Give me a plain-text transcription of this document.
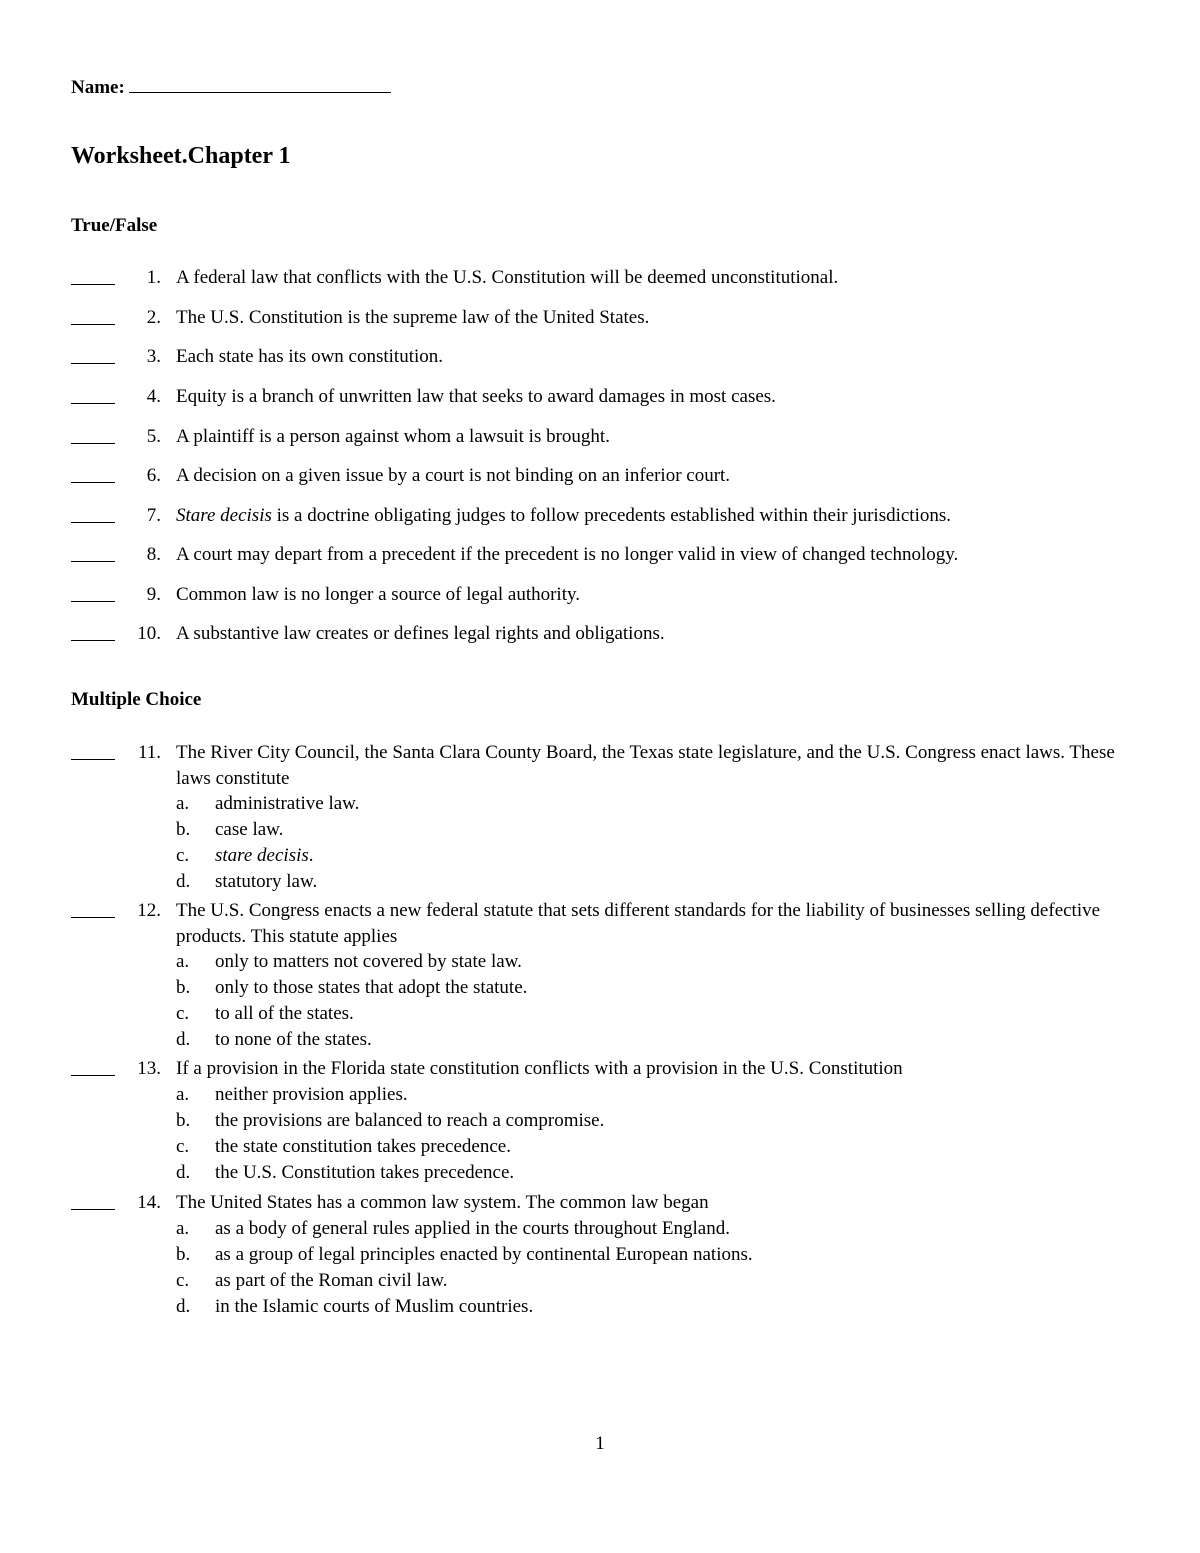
Name:
Worksheet.Chapter 1
True/False
1. A federal law that conflicts with the U.S. Constitution will be deemed unconstitutional.
2. The U.S. Constitution is the supreme law of the United States.
3. Each state has its own constitution.
4. Equity is a branch of unwritten law that seeks to award damages in most cases.
5. A plaintiff is a person against whom a lawsuit is brought.
6. A decision on a given issue by a court is not binding on an inferior court.
7. Stare decisis is a doctrine obligating judges to follow precedents established within their jurisdictions.
8. A court may depart from a precedent if the precedent is no longer valid in view of changed technology.
9. Common law is no longer a source of legal authority.
10. A substantive law creates or defines legal rights and obligations.
Multiple Choice
11. The River City Council, the Santa Clara County Board, the Texas state legislature, and the U.S. Congress enact laws. These laws constitute
a. administrative law.
b. case law.
c. stare decisis.
d. statutory law.
12. The U.S. Congress enacts a new federal statute that sets different standards for the liability of businesses selling defective products. This statute applies
a. only to matters not covered by state law.
b. only to those states that adopt the statute.
c. to all of the states.
d. to none of the states.
13. If a provision in the Florida state constitution conflicts with a provision in the U.S. Constitution
a. neither provision applies.
b. the provisions are balanced to reach a compromise.
c. the state constitution takes precedence.
d. the U.S. Constitution takes precedence.
14. The United States has a common law system. The common law began
a. as a body of general rules applied in the courts throughout England.
b. as a group of legal principles enacted by continental European nations.
c. as part of the Roman civil law.
d. in the Islamic courts of Muslim countries.
1
